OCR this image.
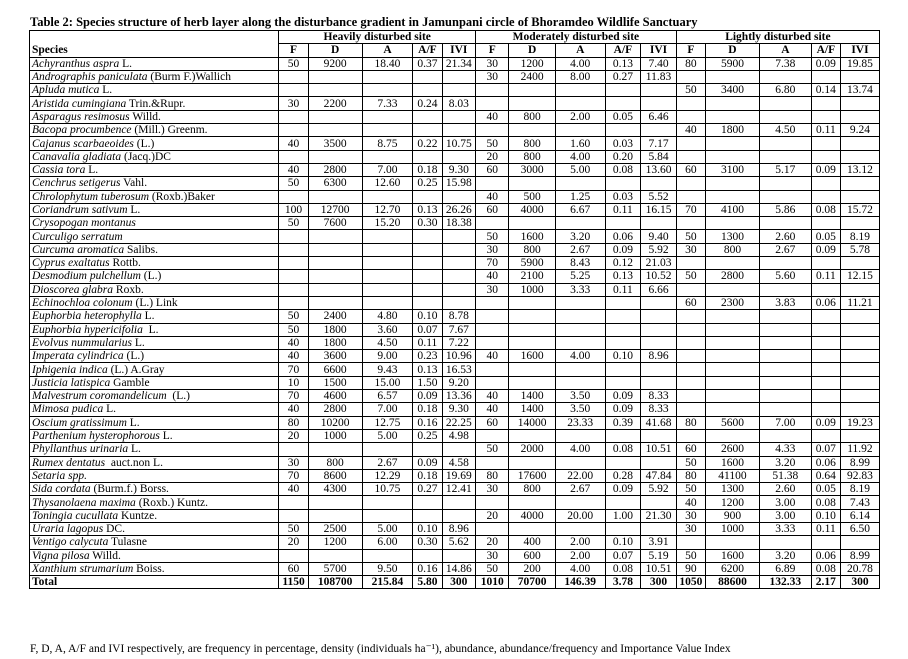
Table 2: Species structure of herb layer along the disturbance gradient in Jamunpani circle of Bhoramdeo Wildlife Sanctuary
	Heavily disturbed site					Moderately disturbed site					Lightly disturbed site				
Species	F	D	A	A/F	IVI	F	D	A	A/F	IVI	F	D	A	A/F	IVI
Achyranthus aspra L.	50	9200	18.40	0.37	21.34	30	1200	4.00	0.13	7.40	80	5900	7.38	0.09	19.85
Andrographis paniculata (Burm F.)Wallich						30	2400	8.00	0.27	11.83					
Apluda mutica L.											50	3400	6.80	0.14	13.74
Aristida cumingiana Trin.&Rupr.	30	2200	7.33	0.24	8.03										
Asparagus resimosus Willd.						40	800	2.00	0.05	6.46					
Bacopa procumbence (Mill.) Greenm.											40	1800	4.50	0.11	9.24
Cajanus scarbaeoides (L.)	40	3500	8.75	0.22	10.75	50	800	1.60	0.03	7.17					
Canavalia gladiata (Jacq.)DC						20	800	4.00	0.20	5.84					
Cassia tora L.	40	2800	7.00	0.18	9.30	60	3000	5.00	0.08	13.60	60	3100	5.17	0.09	13.12
Cenchrus setigerus Vahl.	50	6300	12.60	0.25	15.98										
Chrolophytum tuberosum (Roxb.)Baker						40	500	1.25	0.03	5.52					
Coriandrum sativum L.	100	12700	12.70	0.13	26.26	60	4000	6.67	0.11	16.15	70	4100	5.86	0.08	15.72
Crysopogan montanus	50	7600	15.20	0.30	18.38										
Curculigo serratum						50	1600	3.20	0.06	9.40	50	1300	2.60	0.05	8.19
Curcuma aromatica Salibs.						30	800	2.67	0.09	5.92	30	800	2.67	0.09	5.78
Cyprus exaltatus Rottb.						70	5900	8.43	0.12	21.03					
Desmodium pulchellum (L.)						40	2100	5.25	0.13	10.52	50	2800	5.60	0.11	12.15
Dioscorea glabra Roxb.						30	1000	3.33	0.11	6.66					
Echinochloa colonum (L.) Link											60	2300	3.83	0.06	11.21
Euphorbia heterophylla L.	50	2400	4.80	0.10	8.78										
Euphorbia hypericifolia  L.	50	1800	3.60	0.07	7.67										
Evolvus nummularius L.	40	1800	4.50	0.11	7.22										
Imperata cylindrica (L.)	40	3600	9.00	0.23	10.96	40	1600	4.00	0.10	8.96					
Iphigenia indica (L.) A.Gray	70	6600	9.43	0.13	16.53										
Justicia latispica Gamble	10	1500	15.00	1.50	9.20										
Malvestrum coromandelicum  (L.)	70	4600	6.57	0.09	13.36	40	1400	3.50	0.09	8.33					
Mimosa pudica L.	40	2800	7.00	0.18	9.30	40	1400	3.50	0.09	8.33					
Oscium gratissimum L.	80	10200	12.75	0.16	22.25	60	14000	23.33	0.39	41.68	80	5600	7.00	0.09	19.23
Parthenium hysterophorous L.	20	1000	5.00	0.25	4.98										
Phyllanthus urinaria L.						50	2000	4.00	0.08	10.51	60	2600	4.33	0.07	11.92
Rumex dentatus  auct.non L.	30	800	2.67	0.09	4.58						50	1600	3.20	0.06	8.99
Setaria spp.	70	8600	12.29	0.18	19.69	80	17600	22.00	0.28	47.84	80	41100	51.38	0.64	92.83
Sida cordata (Burm.f.) Borss.	40	4300	10.75	0.27	12.41	30	800	2.67	0.09	5.92	50	1300	2.60	0.05	8.19
Thysanolaena maxima (Roxb.) Kuntz.											40	1200	3.00	0.08	7.43
Toningia cucullata Kuntze.						20	4000	20.00	1.00	21.30	30	900	3.00	0.10	6.14
Uraria lagopus DC.	50	2500	5.00	0.10	8.96						30	1000	3.33	0.11	6.50
Ventigo calycuta Tulasne	20	1200	6.00	0.30	5.62	20	400	2.00	0.10	3.91					
Vigna pilosa Willd.						30	600	2.00	0.07	5.19	50	1600	3.20	0.06	8.99
Xanthium strumarium Boiss.	60	5700	9.50	0.16	14.86	50	200	4.00	0.08	10.51	90	6200	6.89	0.08	20.78
Total	1150	108700	215.84	5.80	300	1010	70700	146.39	3.78	300	1050	88600	132.33	2.17	300
F, D, A, A/F and IVI respectively, are frequency in percentage, density (individuals ha⁻¹), abundance, abundance/frequency and Importance Value Index
